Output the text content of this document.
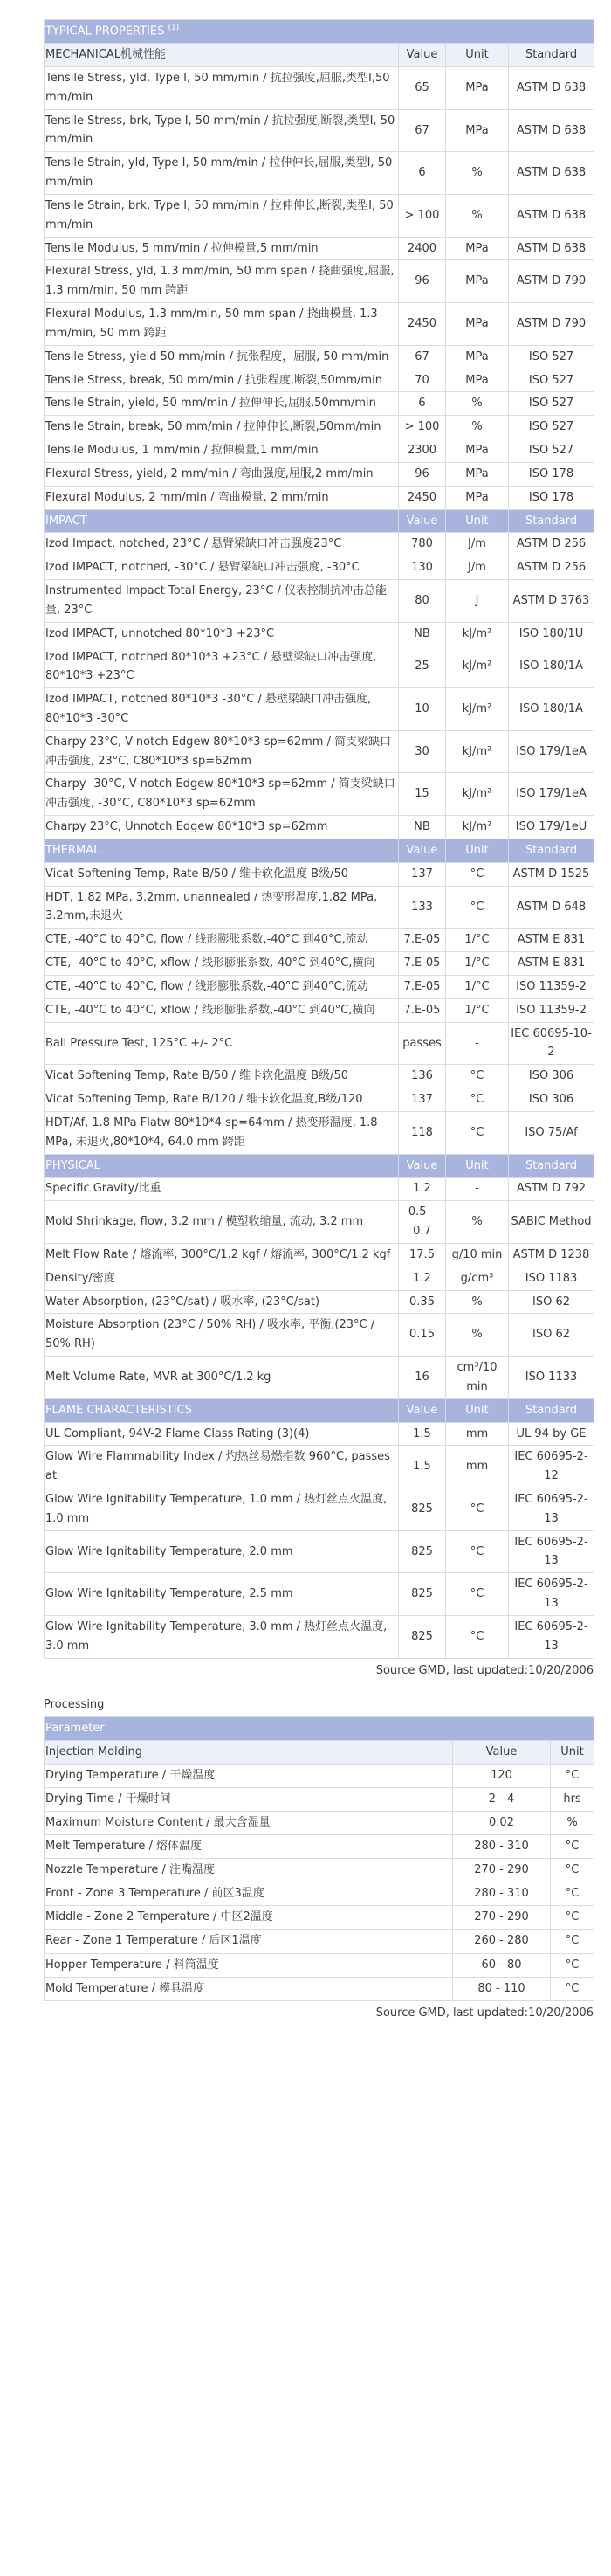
TYPICAL PROPERTIES $^{(1)}$
MECHANICAL机械性能	Value	Unit	Standard
Tensile Stress, yld, Type I, 50 mm/min / 抗拉强度,屈服,类型I,50 mm/min	65	MPa	ASTM D 638
Tensile Stress, brk, Type I, 50 mm/min / 抗拉强度,断裂,类型I, 50 mm/min	67	MPa	ASTM D 638
Tensile Strain, yld, Type I, 50 mm/min / 拉伸伸长,屈服,类型I, 50 mm/min	6	%	ASTM D 638
Tensile Strain, brk, Type I, 50 mm/min / 拉伸伸长,断裂,类型I, 50 mm/min	> 100	%	ASTM D 638
Tensile Modulus, 5 mm/min / 拉伸模量,5 mm/min	2400	MPa	ASTM D 638
Flexural Stress, yld, 1.3 mm/min, 50 mm span / 挠曲强度,屈服, 1.3 mm/min, 50 mm 跨距	96	MPa	ASTM D 790
Flexural Modulus, 1.3 mm/min, 50 mm span / 挠曲模量, 1.3 mm/min, 50 mm 跨距	2450	MPa	ASTM D 790
Tensile Stress, yield 50 mm/min / 抗张程度，屈服, 50 mm/min	67	MPa	ISO 527
Tensile Stress, break, 50 mm/min / 抗张程度,断裂,50mm/min	70	MPa	ISO 527
Tensile Strain, yield, 50 mm/min / 拉伸伸长,屈服,50mm/min	6	%	ISO 527
Tensile Strain, break, 50 mm/min / 拉伸伸长,断裂,50mm/min	> 100	%	ISO 527
Tensile Modulus, 1 mm/min / 拉伸模量,1 mm/min	2300	MPa	ISO 527
Flexural Stress, yield, 2 mm/min / 弯曲强度,屈服,2 mm/min	96	MPa	ISO 178
Flexural Modulus, 2 mm/min / 弯曲模量, 2 mm/min	2450	MPa	ISO 178
IMPACT	Value	Unit	Standard
Izod Impact, notched, 23°C / 悬臂梁缺口冲击强度23°C	780	J/m	ASTM D 256
Izod IMPACT, notched, -30°C / 悬臂梁缺口冲击强度, -30°C	130	J/m	ASTM D 256
Instrumented Impact Total Energy, 23°C / 仪表控制抗冲击总能量, 23°C	80	J	ASTM D 3763
Izod IMPACT, unnotched 80*10*3 +23°C	NB	kJ/m²	ISO 180/1U
Izod IMPACT, notched 80*10*3 +23°C / 悬壁梁缺口冲击强度, 80*10*3 +23°C	25	kJ/m²	ISO 180/1A
Izod IMPACT, notched 80*10*3 -30°C / 悬壁梁缺口冲击强度, 80*10*3 -30°C	10	kJ/m²	ISO 180/1A
Charpy 23°C, V-notch Edgew 80*10*3 sp=62mm / 简支梁缺口冲击强度, 23°C, C80*10*3 sp=62mm	30	kJ/m²	ISO 179/1eA
Charpy -30°C, V-notch Edgew 80*10*3 sp=62mm / 简支梁缺口冲击强度, -30°C, C80*10*3 sp=62mm	15	kJ/m²	ISO 179/1eA
Charpy 23°C, Unnotch Edgew 80*10*3 sp=62mm	NB	kJ/m²	ISO 179/1eU
THERMAL	Value	Unit	Standard
Vicat Softening Temp, Rate B/50 / 维卡软化温度 B级/50	137	°C	ASTM D 1525
HDT, 1.82 MPa, 3.2mm, unannealed / 热变形温度,1.82 MPa, 3.2mm,未退火	133	°C	ASTM D 648
CTE, -40°C to 40°C, flow / 线形膨胀系数,-40°C 到40°C,流动	7.E-05	1/°C	ASTM E 831
CTE, -40°C to 40°C, xflow / 线形膨胀系数,-40°C 到40°C,横向	7.E-05	1/°C	ASTM E 831
CTE, -40°C to 40°C, flow / 线形膨胀系数,-40°C 到40°C,流动	7.E-05	1/°C	ISO 11359-2
CTE, -40°C to 40°C, xflow / 线形膨胀系数,-40°C 到40°C,横向	7.E-05	1/°C	ISO 11359-2
Ball Pressure Test, 125°C +/- 2°C	passes	-	IEC 60695-10-2
Vicat Softening Temp, Rate B/50 / 维卡软化温度 B级/50	136	°C	ISO 306
Vicat Softening Temp, Rate B/120 / 维卡软化温度,B级/120	137	°C	ISO 306
HDT/Af, 1.8 MPa Flatw 80*10*4 sp=64mm / 热变形温度, 1.8 MPa, 未退火,80*10*4, 64.0 mm 跨距	118	°C	ISO 75/Af
PHYSICAL	Value	Unit	Standard
Specific Gravity/比重	1.2	-	ASTM D 792
Mold Shrinkage, flow, 3.2 mm / 模塑收缩量, 流动, 3.2 mm	0.5 – 0.7	%	SABIC Method
Melt Flow Rate / 熔流率, 300°C/1.2 kgf / 熔流率, 300°C/1.2 kgf	17.5	g/10 min	ASTM D 1238
Density/密度	1.2	g/cm³	ISO 1183
Water Absorption, (23°C/sat) / 吸水率, (23°C/sat)	0.35	%	ISO 62
Moisture Absorption (23°C / 50% RH) / 吸水率, 平衡,(23°C / 50% RH)	0.15	%	ISO 62
Melt Volume Rate, MVR at 300°C/1.2 kg	16	cm³/10 min	ISO 1133
FLAME CHARACTERISTICS	Value	Unit	Standard
UL Compliant, 94V-2 Flame Class Rating (3)(4)	1.5	mm	UL 94 by GE
Glow Wire Flammability Index / 灼热丝易燃指数 960°C, passes at	1.5	mm	IEC 60695-2-12
Glow Wire Ignitability Temperature, 1.0 mm / 热灯丝点火温度, 1.0 mm	825	°C	IEC 60695-2-13
Glow Wire Ignitability Temperature, 2.0 mm	825	°C	IEC 60695-2-13
Glow Wire Ignitability Temperature, 2.5 mm	825	°C	IEC 60695-2-13
Glow Wire Ignitability Temperature, 3.0 mm / 热灯丝点火温度, 3.0 mm	825	°C	IEC 60695-2-13
Source GMD, last updated:10/20/2006
Processing
Parameter		
Injection Molding	Value	Unit
Drying Temperature / 干燥温度	120	°C
Drying Time / 干燥时间	2 - 4	hrs
Maximum Moisture Content / 最大含湿量	0.02	%
Melt Temperature / 熔体温度	280 - 310	°C
Nozzle Temperature / 注嘴温度	270 - 290	°C
Front - Zone 3 Temperature / 前区3温度	280 - 310	°C
Middle - Zone 2 Temperature / 中区2温度	270 - 290	°C
Rear - Zone 1 Temperature / 后区1温度	260 - 280	°C
Hopper Temperature / 料筒温度	60 - 80	°C
Mold Temperature / 模具温度	80 - 110	°C
Source GMD, last updated:10/20/2006
